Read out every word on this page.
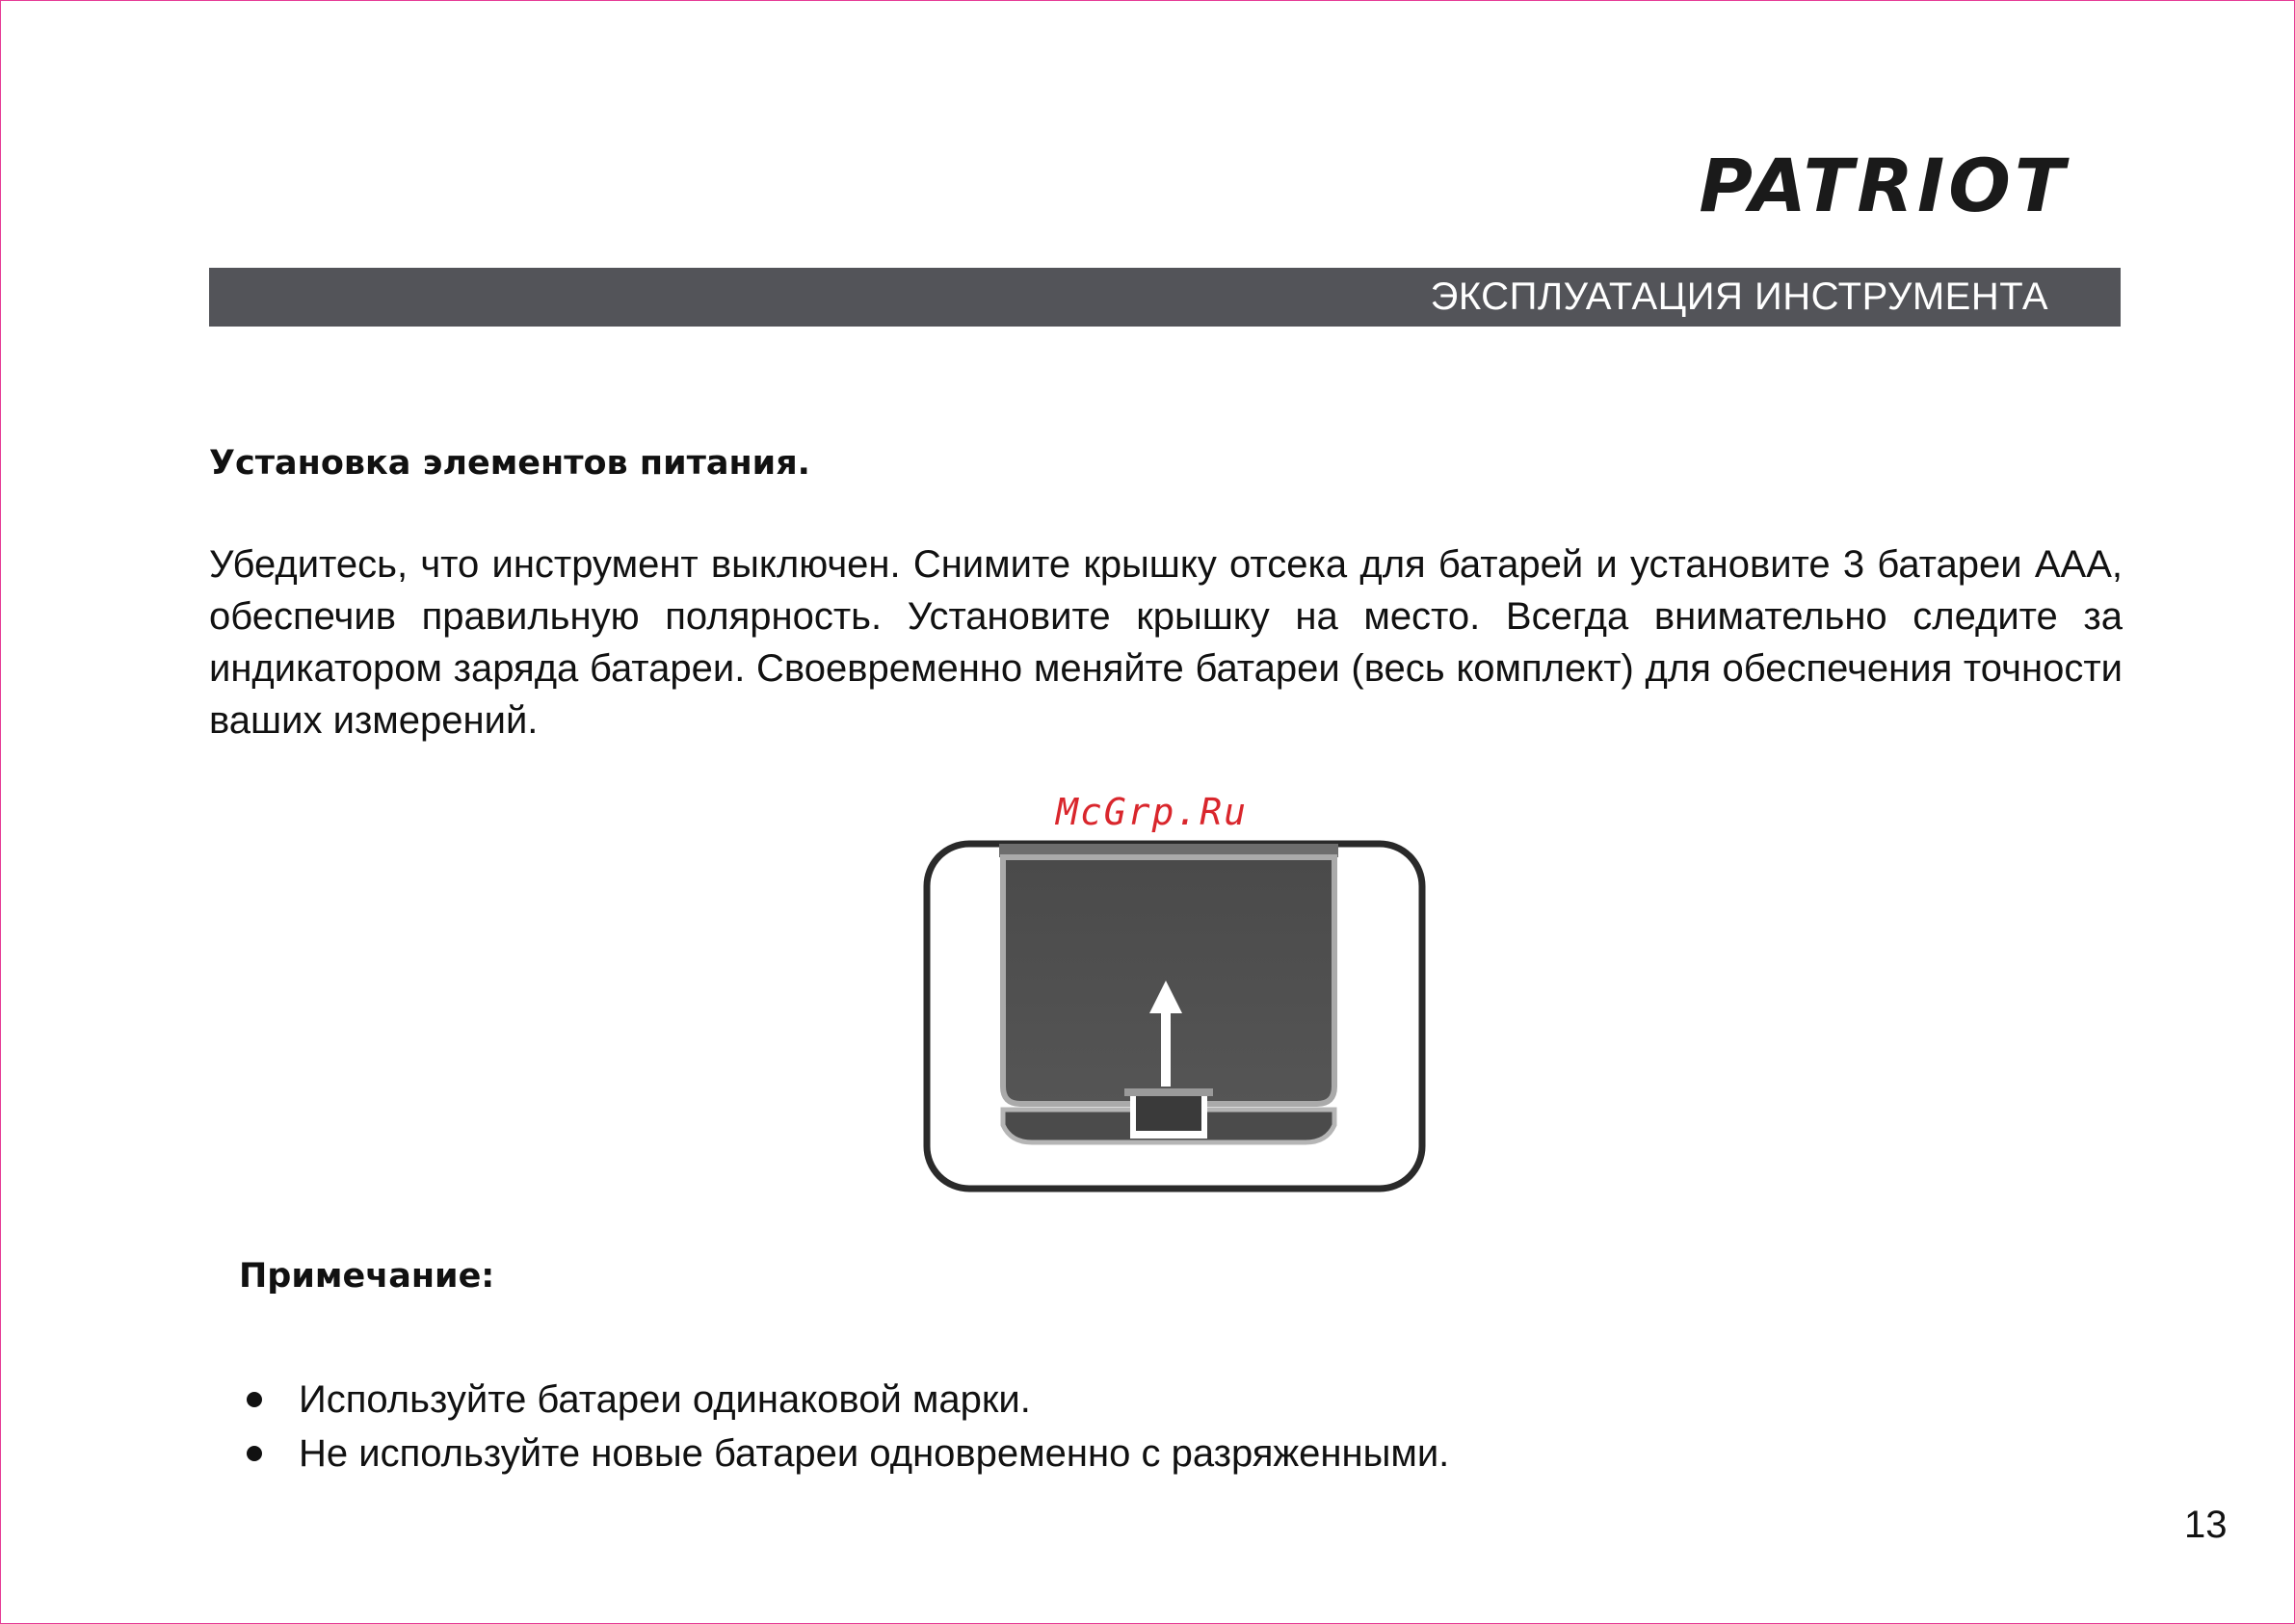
PATRIOT
ЭКСПЛУАТАЦИЯ ИНСТРУМЕНТА
Установка элементов питания.

Убедитесь, что инструмент выключен. Снимите крышку отсека для батарей и установите 3 батареи ААА, обеспечив правильную полярность. Установите крышку на место. Всегда внимательно следите за индикатором заряда батареи. Своевременно меняйте батареи (весь комплект) для обеспечения точности ваших измерений.

McGrp.Ru
Примечание:
Используйте батареи одинаковой марки.
Не используйте новые батареи одновременно с разряженными.
13
